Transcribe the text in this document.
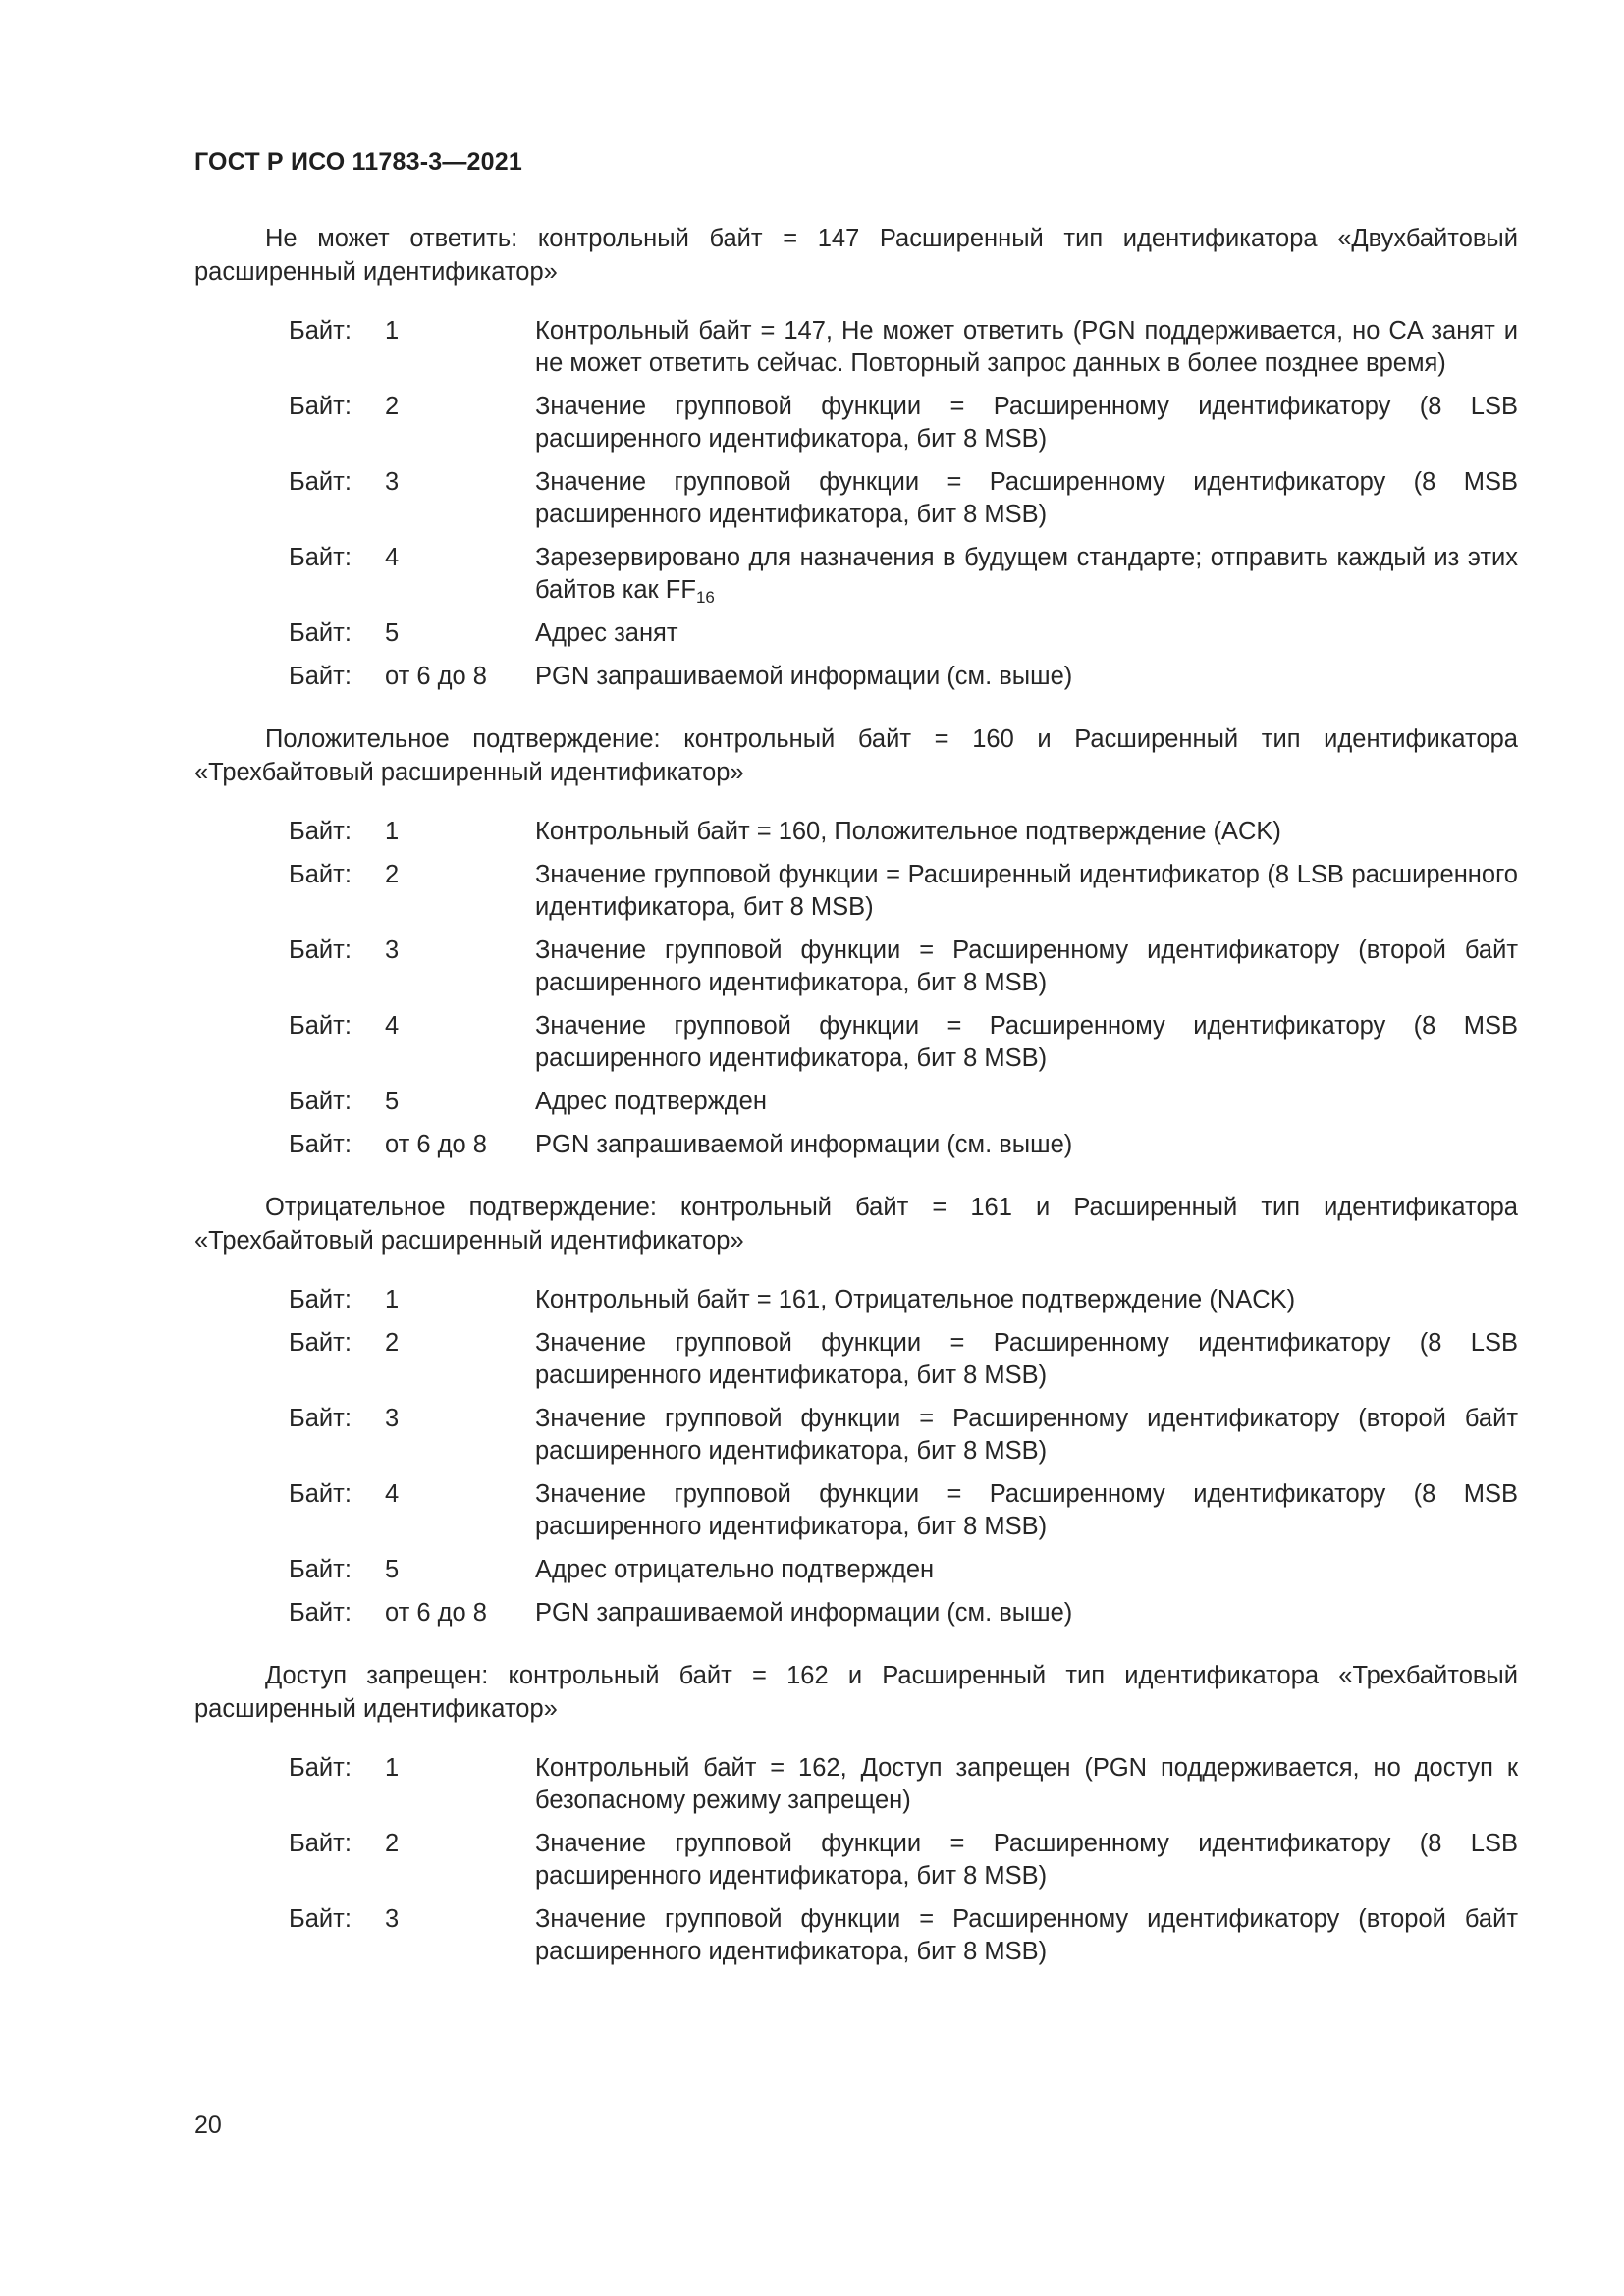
ГОСТ Р ИСО 11783-3—2021

Не может ответить: контрольный байт = 147 Расширенный тип идентификатора «Двухбайтовый расширенный идентификатор»

Байт:	1	Контрольный байт = 147, Не может ответить (PGN поддерживается, но CA занят и не может ответить сейчас. Повторный запрос данных в более позднее время)
Байт:	2	Значение групповой функции = Расширенному идентификатору (8 LSB расширенного идентификатора, бит 8 MSB)
Байт:	3	Значение групповой функции = Расширенному идентификатору (8 MSB расширенного идентификатора, бит 8 MSB)
Байт:	4	Зарезервировано для назначения в будущем стандарте; отправить каждый из этих байтов как $FF_{16}$
Байт:	5	Адрес занят
Байт:	от 6 до 8	PGN запрашиваемой информации (см. выше)

Положительное подтверждение: контрольный байт = 160 и Расширенный тип идентификатора «Трехбайтовый расширенный идентификатор»

Байт:	1	Контрольный байт = 160, Положительное подтверждение (ACK)
Байт:	2	Значение групповой функции = Расширенный идентификатор (8 LSB расширенного идентификатора, бит 8 MSB)
Байт:	3	Значение групповой функции = Расширенному идентификатору (второй байт расширенного идентификатора, бит 8 MSB)
Байт:	4	Значение групповой функции = Расширенному идентификатору (8 MSB расширенного идентификатора, бит 8 MSB)
Байт:	5	Адрес подтвержден
Байт:	от 6 до 8	PGN запрашиваемой информации (см. выше)

Отрицательное подтверждение: контрольный байт = 161 и Расширенный тип идентификатора «Трехбайтовый расширенный идентификатор»

Байт:	1	Контрольный байт = 161, Отрицательное подтверждение (NACK)
Байт:	2	Значение групповой функции = Расширенному идентификатору (8 LSB расширенного идентификатора, бит 8 MSB)
Байт:	3	Значение групповой функции = Расширенному идентификатору (второй байт расширенного идентификатора, бит 8 MSB)
Байт:	4	Значение групповой функции = Расширенному идентификатору (8 MSB расширенного идентификатора, бит 8 MSB)
Байт:	5	Адрес отрицательно подтвержден
Байт:	от 6 до 8	PGN запрашиваемой информации (см. выше)

Доступ запрещен: контрольный байт = 162 и Расширенный тип идентификатора «Трехбайтовый расширенный идентификатор»

Байт:	1	Контрольный байт = 162, Доступ запрещен (PGN поддерживается, но доступ к безопасному режиму запрещен)
Байт:	2	Значение групповой функции = Расширенному идентификатору (8 LSB расширенного идентификатора, бит 8 MSB)
Байт:	3	Значение групповой функции = Расширенному идентификатору (второй байт расширенного идентификатора, бит 8 MSB)
20
